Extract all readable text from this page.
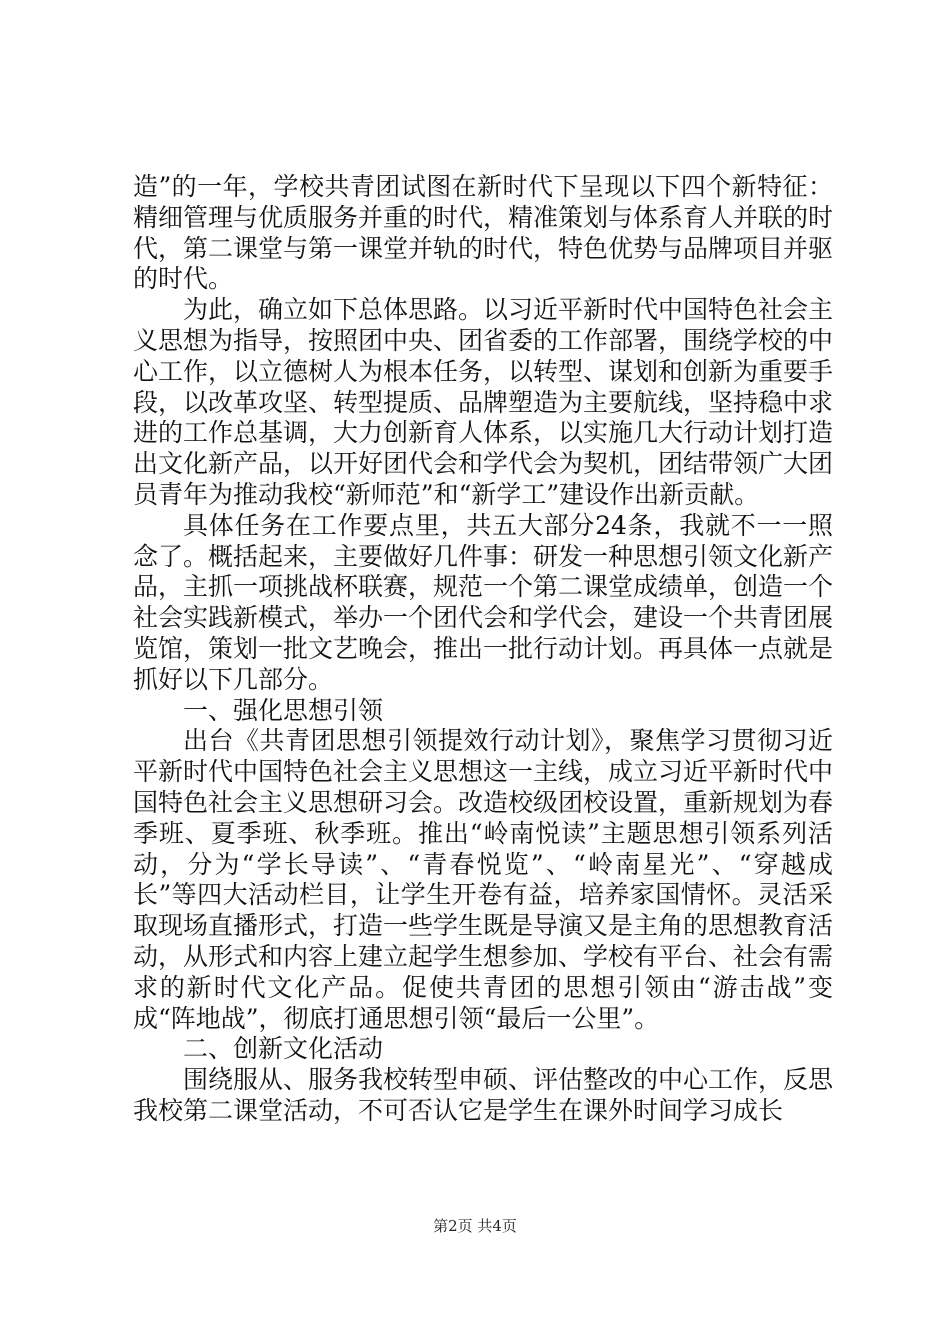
造”的一年，学校共青团试图在新时代下呈现以下四个新特征：精细管理与优质服务并重的时代，精准策划与体系育人并联的时代，第二课堂与第一课堂并轨的时代，特色优势与品牌项目并驱的时代。

为此，确立如下总体思路。以习近平新时代中国特色社会主义思想为指导，按照团中央、团省委的工作部署，围绕学校的中心工作，以立德树人为根本任务，以转型、谋划和创新为重要手段，以改革攻坚、转型提质、品牌塑造为主要航线，坚持稳中求进的工作总基调，大力创新育人体系，以实施几大行动计划打造出文化新产品，以开好团代会和学代会为契机，团结带领广大团员青年为推动我校“新师范”和“新学工”建设作出新贡献。

具体任务在工作要点里，共五大部分24条，我就不一一照念了。概括起来，主要做好几件事：研发一种思想引领文化新产品，主抓一项挑战杯联赛，规范一个第二课堂成绩单，创造一个社会实践新模式，举办一个团代会和学代会，建设一个共青团展览馆，策划一批文艺晚会，推出一批行动计划。再具体一点就是抓好以下几部分。

一、强化思想引领

出台《共青团思想引领提效行动计划》，聚焦学习贯彻习近平新时代中国特色社会主义思想这一主线，成立习近平新时代中国特色社会主义思想研习会。改造校级团校设置，重新规划为春季班、夏季班、秋季班。推出“岭南悦读”主题思想引领系列活动，分为“学长导读”、“青春悦览”、“岭南星光”、“穿越成长”等四大活动栏目，让学生开卷有益，培养家国情怀。灵活采取现场直播形式，打造一些学生既是导演又是主角的思想教育活动，从形式和内容上建立起学生想参加、学校有平台、社会有需求的新时代文化产品。促使共青团的思想引领由“游击战”变成“阵地战”，彻底打通思想引领“最后一公里”。

二、创新文化活动

围绕服从、服务我校转型申硕、评估整改的中心工作，反思我校第二课堂活动，不可否认它是学生在课外时间学习成长

第2页 共4页
